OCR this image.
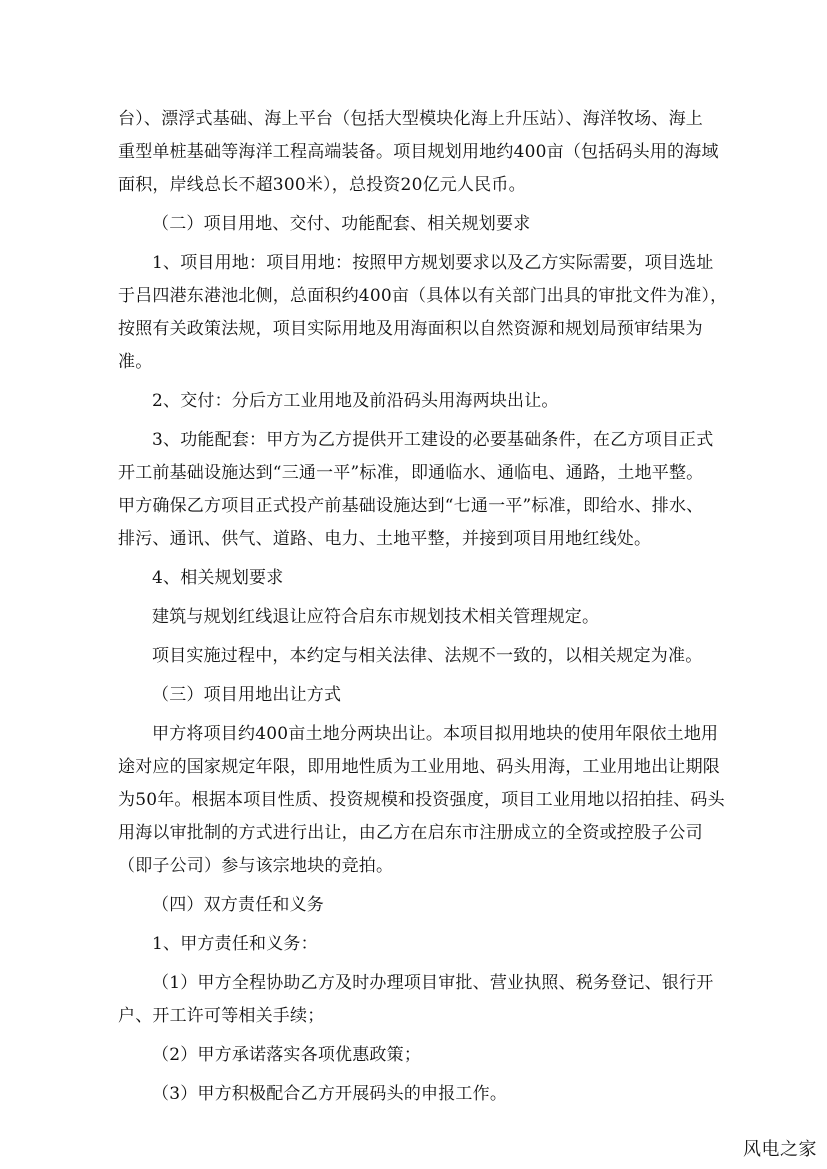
台）、漂浮式基础、海上平台（包括大型模块化海上升压站）、海洋牧场、海上
重型单桩基础等海洋工程高端装备。项目规划用地约400亩（包括码头用的海域
面积，岸线总长不超300米），总投资20亿元人民币。
（二）项目用地、交付、功能配套、相关规划要求
1、项目用地：项目用地：按照甲方规划要求以及乙方实际需要，项目选址
于吕四港东港池北侧，总面积约400亩（具体以有关部门出具的审批文件为准），
按照有关政策法规，项目实际用地及用海面积以自然资源和规划局预审结果为
准。
2、交付：分后方工业用地及前沿码头用海两块出让。
3、功能配套：甲方为乙方提供开工建设的必要基础条件，在乙方项目正式
开工前基础设施达到“三通一平”标准，即通临水、通临电、通路，土地平整。
甲方确保乙方项目正式投产前基础设施达到“七通一平”标准，即给水、排水、
排污、通讯、供气、道路、电力、土地平整，并接到项目用地红线处。
4、相关规划要求
建筑与规划红线退让应符合启东市规划技术相关管理规定。
项目实施过程中，本约定与相关法律、法规不一致的，以相关规定为准。
（三）项目用地出让方式
甲方将项目约400亩土地分两块出让。本项目拟用地块的使用年限依土地用
途对应的国家规定年限，即用地性质为工业用地、码头用海，工业用地出让期限
为50年。根据本项目性质、投资规模和投资强度，项目工业用地以招拍挂、码头
用海以审批制的方式进行出让，由乙方在启东市注册成立的全资或控股子公司
（即子公司）参与该宗地块的竞拍。
（四）双方责任和义务
1、甲方责任和义务：
（1）甲方全程协助乙方及时办理项目审批、营业执照、税务登记、银行开
户、开工许可等相关手续；
（2）甲方承诺落实各项优惠政策；
（3）甲方积极配合乙方开展码头的申报工作。
风电之家
